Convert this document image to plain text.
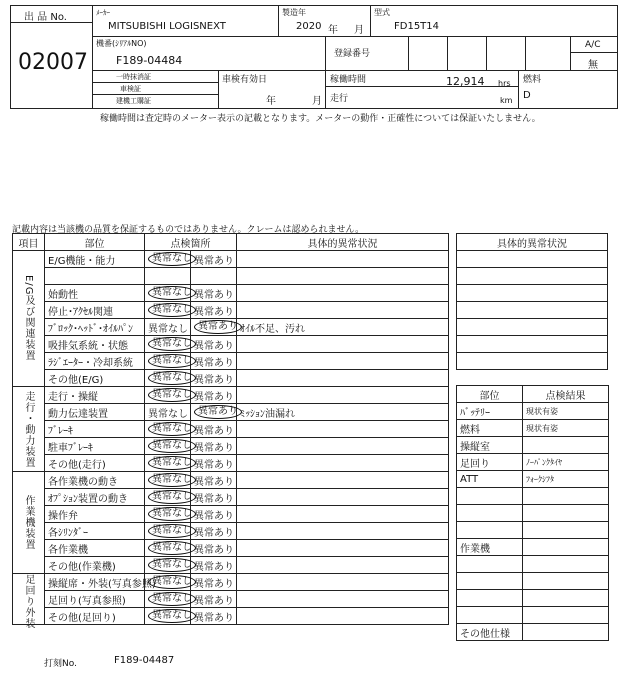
出 品 No.
02007
ﾒｰｶｰ
MITSUBISHI LOGISNEXT
製造年
2020 年 月
型式
FD15T14
機番(ｼﾘｱﾙNO)
F189-04484	登録番号
A/C
無
一時抹消証
車検証
建機工購証
車検有効日
年	月
稼働時間	12,914 hrs
走行	km
燃料
D
稼働時間は査定時のメーター表示の記載となります。メーターの動作・正確性については保証いたしません。
記載内容は当該機の品質を保証するものではありません。クレームは認められません。
項目	部位	点検箇所		具体的異常状況
E/G及び関連装置	E/G機能・能力	異常なし	異常あり	

	始動性	異常なし	異常あり	
	停止･ｱｸｾﾙ関連	異常なし	異常あり	
	ﾌﾞﾛｯｸ･ﾍｯﾄﾞ･ｵｲﾙﾊﾟﾝ	異常なし	異常あり	ｵｲﾙ不足、汚れ
	吸排気系統・状態	異常なし	異常あり	
	ﾗｼﾞｴｰﾀｰ・冷却系統	異常なし	異常あり	
	その他(E/G)	異常なし	異常あり	
走行・動力装置	走行・操縦	異常なし	異常あり	
	動力伝達装置	異常なし	異常あり	ﾐｯｼｮﾝ油漏れ
	ﾌﾞﾚｰｷ	異常なし	異常あり	
	駐車ﾌﾞﾚｰｷ	異常なし	異常あり	
	その他(走行)	異常なし	異常あり	
作業機装置	各作業機の動き	異常なし	異常あり	
	ｵﾌﾟｼｮﾝ装置の動き	異常なし	異常あり	
	操作弁	異常なし	異常あり	
	各ｼﾘﾝﾀﾞｰ	異常なし	異常あり	
	各作業機	異常なし	異常あり	
	その他(作業機)	異常なし	異常あり	
足回り外装	操縦席・外装(写真参照)	異常なし	異常あり	
	足回り(写真参照)	異常なし	異常あり	
	その他(足回り)	異常なし	異常あり	
具体的異常状況

部位	点検結果
ﾊﾞｯﾃﾘｰ	現状有姿
燃料	現状有姿
操縦室	
足回り	ﾉｰﾊﾟﾝｸﾀｲﾔ
ATT	ﾌｫｰｸｼﾌﾀ

作業機	

その他仕様	
打刻No.	F189-04487
